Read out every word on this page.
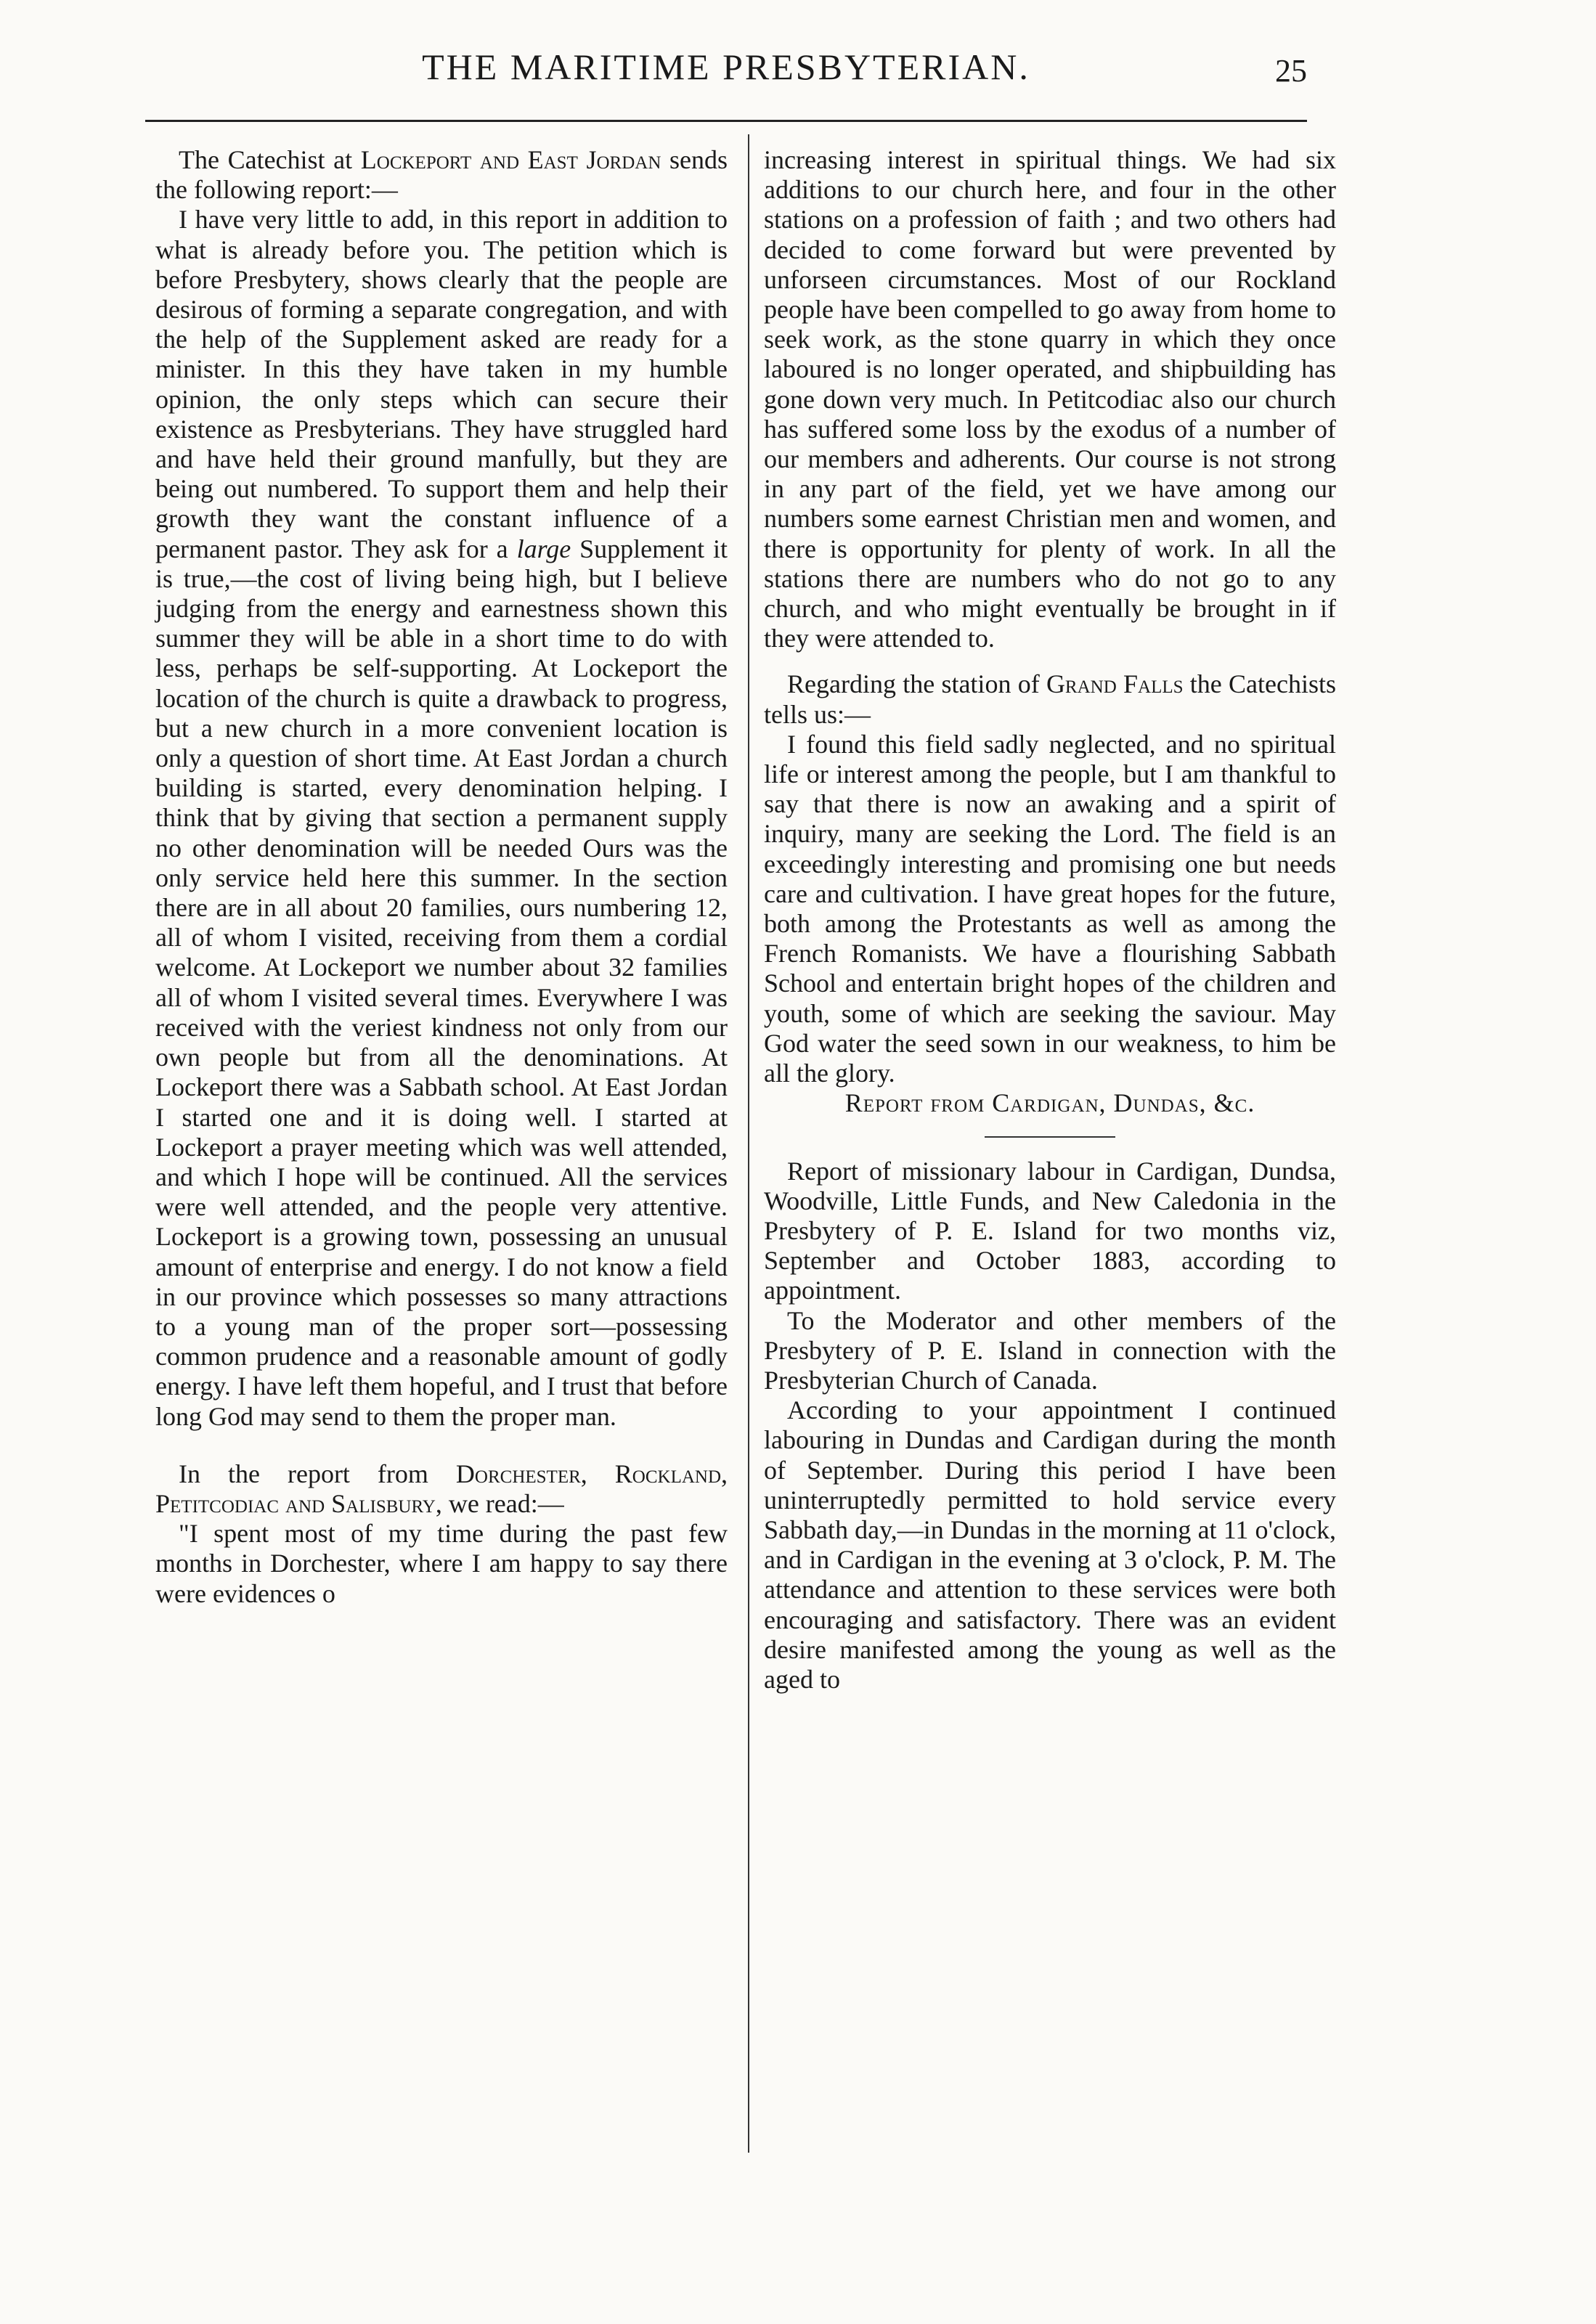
THE MARITIME PRESBYTERIAN.	25

The Catechist at Lockeport and East Jordan sends the following report:—

I have very little to add, in this report in addition to what is already before you. The petition which is before Presbytery, shows clearly that the people are desirous of forming a separate congregation, and with the help of the Supplement asked are ready for a minister. In this they have taken in my humble opinion, the only steps which can secure their existence as Presbyterians. They have struggled hard and have held their ground manfully, but they are being out numbered. To support them and help their growth they want the constant influence of a permanent pastor. They ask for a large Supplement it is true,—the cost of living being high, but I believe judging from the energy and earnestness shown this summer they will be able in a short time to do with less, perhaps be self-supporting. At Lockeport the location of the church is quite a drawback to progress, but a new church in a more convenient location is only a question of short time. At East Jordan a church building is started, every denomination helping. I think that by giving that section a permanent supply no other denomination will be needed Ours was the only service held here this summer. In the section there are in all about 20 families, ours numbering 12, all of whom I visited, receiving from them a cordial welcome. At Lockeport we number about 32 families all of whom I visited several times. Everywhere I was received with the veriest kindness not only from our own people but from all the denominations. At Lockeport there was a Sabbath school. At East Jordan I started one and it is doing well. I started at Lockeport a prayer meeting which was well attended, and which I hope will be continued. All the services were well attended, and the people very attentive. Lockeport is a growing town, possessing an unusual amount of enterprise and energy. I do not know a field in our province which possesses so many attractions to a young man of the proper sort—possessing common prudence and a reasonable amount of godly energy. I have left them hopeful, and I trust that before long God may send to them the proper man.

In the report from Dorchester, Rockland, Petitcodiac and Salisbury, we read:—

"I spent most of my time during the past few months in Dorchester, where I am happy to say there were evidences o

increasing interest in spiritual things. We had six additions to our church here, and four in the other stations on a profession of faith ; and two others had decided to come forward but were prevented by unforseen circumstances. Most of our Rockland people have been compelled to go away from home to seek work, as the stone quarry in which they once laboured is no longer operated, and shipbuilding has gone down very much. In Petitcodiac also our church has suffered some loss by the exodus of a number of our members and adherents. Our course is not strong in any part of the field, yet we have among our numbers some earnest Christian men and women, and there is opportunity for plenty of work. In all the stations there are numbers who do not go to any church, and who might eventually be brought in if they were attended to.

Regarding the station of Grand Falls the Catechists tells us:—

I found this field sadly neglected, and no spiritual life or interest among the people, but I am thankful to say that there is now an awaking and a spirit of inquiry, many are seeking the Lord. The field is an exceedingly interesting and promising one but needs care and cultivation. I have great hopes for the future, both among the Protestants as well as among the French Romanists. We have a flourishing Sabbath School and entertain bright hopes of the children and youth, some of which are seeking the saviour. May God water the seed sown in our weakness, to him be all the glory.

Report from Cardigan, Dundas, &c.

Report of missionary labour in Cardigan, Dundsa, Woodville, Little Funds, and New Caledonia in the Presbytery of P. E. Island for two months viz, September and October 1883, according to appointment.

To the Moderator and other members of the Presbytery of P. E. Island in connection with the Presbyterian Church of Canada.

According to your appointment I continued labouring in Dundas and Cardigan during the month of September. During this period I have been uninterruptedly permitted to hold service every Sabbath day,—in Dundas in the morning at 11 o'clock, and in Cardigan in the evening at 3 o'clock, P. M. The attendance and attention to these services were both encouraging and satisfactory. There was an evident desire manifested among the young as well as the aged to
